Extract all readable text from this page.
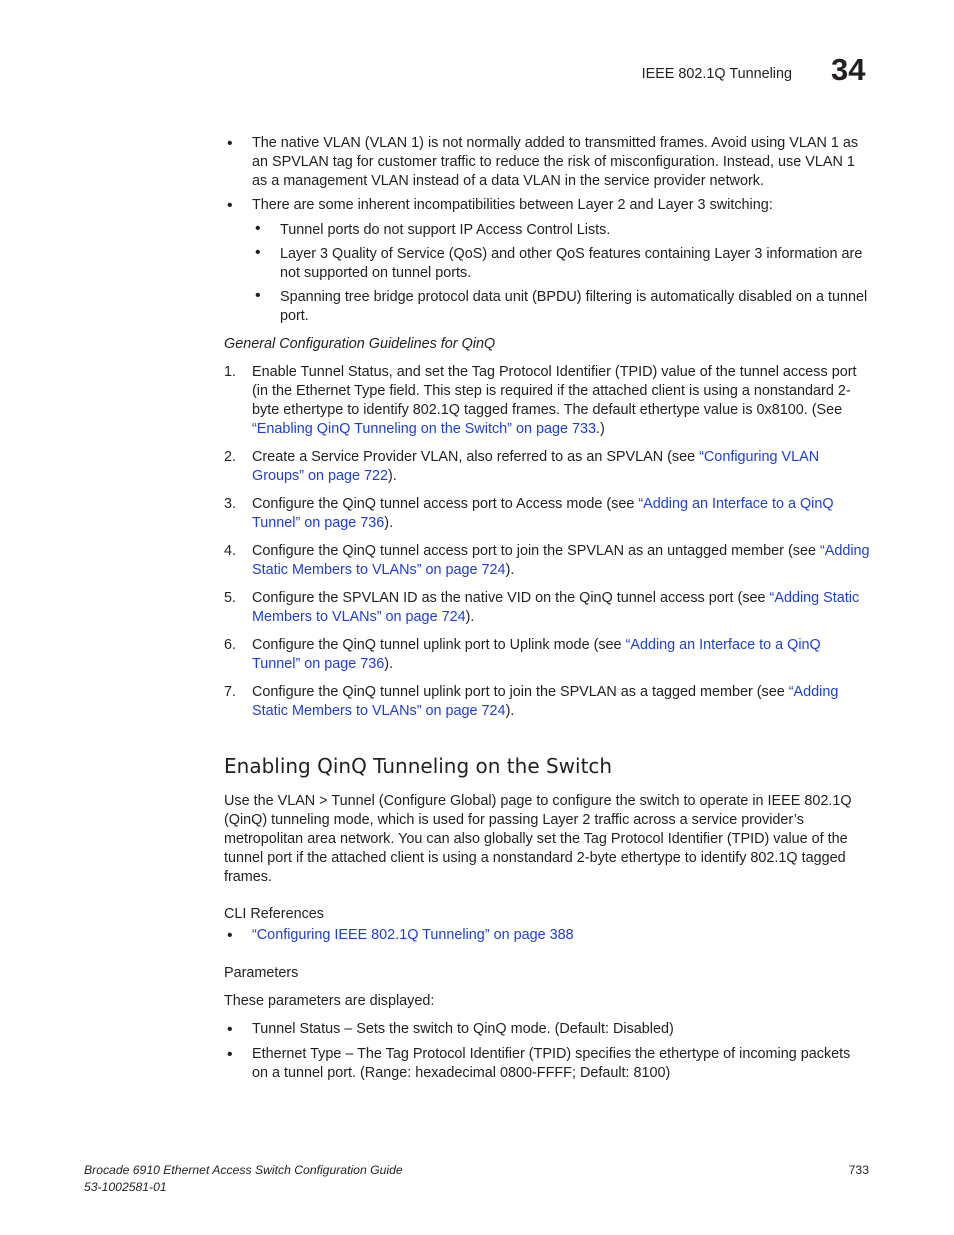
IEEE 802.1Q Tunneling 34
• The native VLAN (VLAN 1) is not normally added to transmitted frames. Avoid using VLAN 1 as an SPVLAN tag for customer traffic to reduce the risk of misconfiguration. Instead, use VLAN 1 as a management VLAN instead of a data VLAN in the service provider network.
• There are some inherent incompatibilities between Layer 2 and Layer 3 switching:
• Tunnel ports do not support IP Access Control Lists.
• Layer 3 Quality of Service (QoS) and other QoS features containing Layer 3 information are not supported on tunnel ports.
• Spanning tree bridge protocol data unit (BPDU) filtering is automatically disabled on a tunnel port.

General Configuration Guidelines for QinQ

1. Enable Tunnel Status, and set the Tag Protocol Identifier (TPID) value of the tunnel access port (in the Ethernet Type field. This step is required if the attached client is using a nonstandard 2-byte ethertype to identify 802.1Q tagged frames. The default ethertype value is 0x8100. (See “Enabling QinQ Tunneling on the Switch” on page 733.)
2. Create a Service Provider VLAN, also referred to as an SPVLAN (see “Configuring VLAN Groups” on page 722).
3. Configure the QinQ tunnel access port to Access mode (see “Adding an Interface to a QinQ Tunnel” on page 736).
4. Configure the QinQ tunnel access port to join the SPVLAN as an untagged member (see “Adding Static Members to VLANs” on page 724).
5. Configure the SPVLAN ID as the native VID on the QinQ tunnel access port (see “Adding Static Members to VLANs” on page 724).
6. Configure the QinQ tunnel uplink port to Uplink mode (see “Adding an Interface to a QinQ Tunnel” on page 736).
7. Configure the QinQ tunnel uplink port to join the SPVLAN as a tagged member (see “Adding Static Members to VLANs” on page 724).
Enabling QinQ Tunneling on the Switch

Use the VLAN > Tunnel (Configure Global) page to configure the switch to operate in IEEE 802.1Q (QinQ) tunneling mode, which is used for passing Layer 2 traffic across a service provider’s metropolitan area network. You can also globally set the Tag Protocol Identifier (TPID) value of the tunnel port if the attached client is using a nonstandard 2-byte ethertype to identify 802.1Q tagged frames.

CLI References

• “Configuring IEEE 802.1Q Tunneling” on page 388

Parameters

These parameters are displayed:

• Tunnel Status – Sets the switch to QinQ mode. (Default: Disabled)
• Ethernet Type – The Tag Protocol Identifier (TPID) specifies the ethertype of incoming packets on a tunnel port. (Range: hexadecimal 0800-FFFF; Default: 8100)
Brocade 6910 Ethernet Access Switch Configuration Guide
53-1002581-01
733
